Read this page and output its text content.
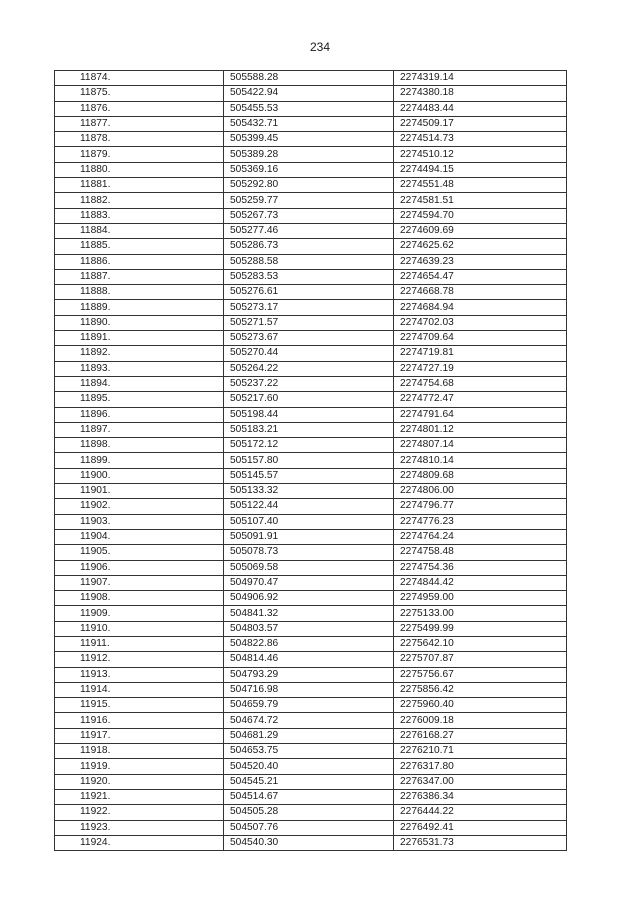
234
11874.	505588.28	2274319.14
11875.	505422.94	2274380.18
11876.	505455.53	2274483.44
11877.	505432.71	2274509.17
11878.	505399.45	2274514.73
11879.	505389.28	2274510.12
11880.	505369.16	2274494.15
11881.	505292.80	2274551.48
11882.	505259.77	2274581.51
11883.	505267.73	2274594.70
11884.	505277.46	2274609.69
11885.	505286.73	2274625.62
11886.	505288.58	2274639.23
11887.	505283.53	2274654.47
11888.	505276.61	2274668.78
11889.	505273.17	2274684.94
11890.	505271.57	2274702.03
11891.	505273.67	2274709.64
11892.	505270.44	2274719.81
11893.	505264.22	2274727.19
11894.	505237.22	2274754.68
11895.	505217.60	2274772.47
11896.	505198.44	2274791.64
11897.	505183.21	2274801.12
11898.	505172.12	2274807.14
11899.	505157.80	2274810.14
11900.	505145.57	2274809.68
11901.	505133.32	2274806.00
11902.	505122.44	2274796.77
11903.	505107.40	2274776.23
11904.	505091.91	2274764.24
11905.	505078.73	2274758.48
11906.	505069.58	2274754.36
11907.	504970.47	2274844.42
11908.	504906.92	2274959.00
11909.	504841.32	2275133.00
11910.	504803.57	2275499.99
11911.	504822.86	2275642.10
11912.	504814.46	2275707.87
11913.	504793.29	2275756.67
11914.	504716.98	2275856.42
11915.	504659.79	2275960.40
11916.	504674.72	2276009.18
11917.	504681.29	2276168.27
11918.	504653.75	2276210.71
11919.	504520.40	2276317.80
11920.	504545.21	2276347.00
11921.	504514.67	2276386.34
11922.	504505.28	2276444.22
11923.	504507.76	2276492.41
11924.	504540.30	2276531.73
